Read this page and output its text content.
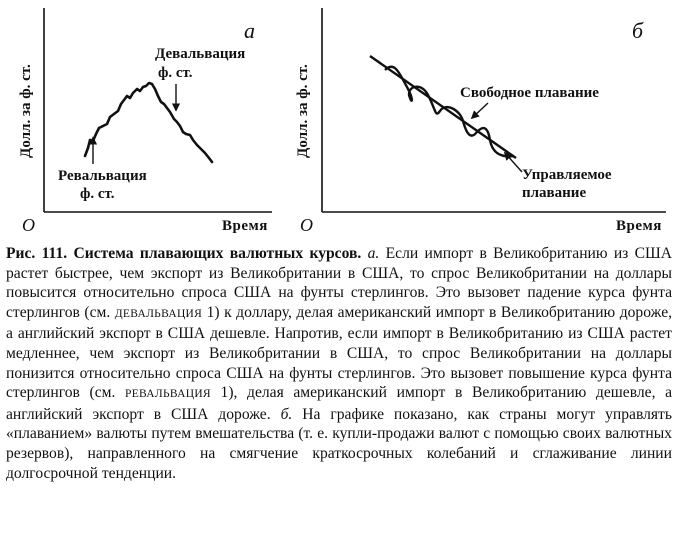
Долл. за ф. ст.
а
O	Время
Девальвация
ф. ст.
Ревальвация
ф. ст.
Долл. за ф. ст.
б
O	Время
Свободное плавание
Управляемое
плавание
Рис. 111. Система плавающих валютных курсов. а. Если импорт в Великобританию из США растет быстрее, чем экспорт из Великобритании в США, то спрос Великобритании на доллары повысится относительно спроса США на фунты стерлингов. Это вызовет падение курса фунта стерлингов (см. ДЕВАЛЬВАЦИЯ 1) к доллару, делая американский импорт в Великобританию дороже, а английский экспорт в США дешевле. Напротив, если импорт в Великобританию из США растет медленнее, чем экспорт из Великобритании в США, то спрос Великобритании на доллары понизится относительно спроса США на фунты стерлингов. Это вызовет повышение курса фунта стерлингов (см. РЕВАЛЬВАЦИЯ 1), делая американский импорт в Великобританию дешевле, а английский экспорт в США дороже. б. На графике показано, как страны могут управлять «плаванием» валюты путем вмешательства (т. е. купли-продажи валют с помощью своих валютных резервов), направленного на смягчение краткосрочных колебаний и сглаживание линии долгосрочной тенденции.
